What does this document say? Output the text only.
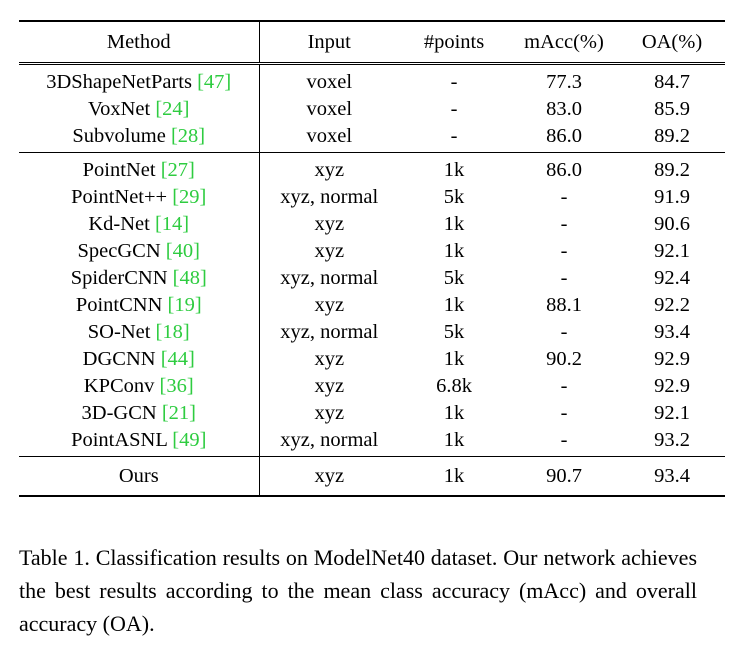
Method	Input	#points	mAcc(%)	OA(%)
3DShapeNetParts [47]	voxel	-	77.3	84.7
VoxNet [24]	voxel	-	83.0	85.9
Subvolume [28]	voxel	-	86.0	89.2
PointNet [27]	xyz	1k	86.0	89.2
PointNet++ [29]	xyz, normal	5k	-	91.9
Kd-Net [14]	xyz	1k	-	90.6
SpecGCN [40]	xyz	1k	-	92.1
SpiderCNN [48]	xyz, normal	5k	-	92.4
PointCNN [19]	xyz	1k	88.1	92.2
SO-Net [18]	xyz, normal	5k	-	93.4
DGCNN [44]	xyz	1k	90.2	92.9
KPConv [36]	xyz	6.8k	-	92.9
3D-GCN [21]	xyz	1k	-	92.1
PointASNL [49]	xyz, normal	1k	-	93.2
Ours	xyz	1k	90.7	93.4
Table 1. Classification results on ModelNet40 dataset. Our network achieves the best results according to the mean class accuracy (mAcc) and overall accuracy (OA).
